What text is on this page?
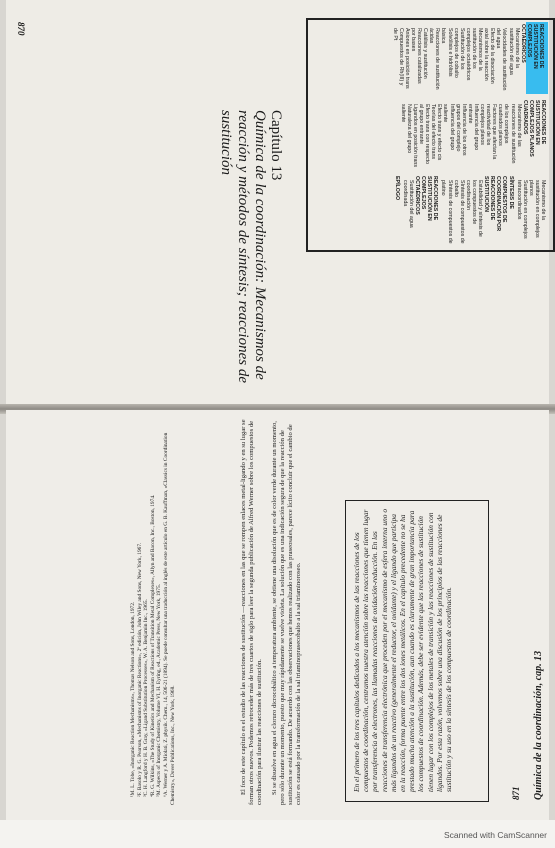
870
Capítulo 13
Química de la coordinación: Mecanismos de reacción y métodos de síntesis; reacciones de sustitución
REACCIONES DE SUSTITUCIÓN EN COMPLEJOS OCTAÉDRICOS
Mecanismo de la sustitución del agua
Velocidades de sustitución del agua
Efecto de la disociación axial sobre la reacción
Mecanismos de la sustitución de los complejos octaédricos
Sustitución de los complejos de cobalto
Solvólisis e hidrólisis básica
Reacciones de sustitución ácidas
Catálisis y sustitución
Reacciones catalizadas por bases
Aniones en posición trans
Compuestos de Rh(III) y de Pt
REACCIONES DE SUSTITUCIÓN EN COMPLEJOS PLANOS CUADRADOS
Mecanismo de las reacciones de sustitución de los complejos cuadrados planos
Factores que afectan la reactividad de los complejos planos
Influencia del grupo entrante
Influencia de los otros grupos del complejo
Influencia del grupo saliente
Efecto trans y efecto cis
Teorías del efecto trans
Efecto trans con respecto al grupo entrante
Ligandos en posición trans
Naturaleza del grupo saliente
Mecanismo de la sustitución en complejos planos
Sustitución en complejos tetracoordinados
SÍNTESIS DE COMPUESTOS DE COORDINACIÓN POR REACCIONES DE SUSTITUCIÓN
Estabilidad y síntesis de los compuestos de coordinación
Síntesis de compuestos de cobalto
Síntesis de compuestos de platino
REACCIONES DE SUSTITUCIÓN EN COMPLEJOS OCTAÉDRICOS
Sustitución del agua coordinada
EPÍLOGO
871 Química de la coordinación, cap. 13
En el primero de los tres capítulos dedicados a los mecanismos de las reacciones de los compuestos de coordinación, centramos nuestra atención sobre las reacciones que tienen lugar por transferencia de electrones, las llamadas reacciones de oxidación-reducción. En las reacciones de transferencia electrónica que proceden por el mecanismo de esfera interna uno o más ligandos de un reactivo (generalmente el reductor, el oxidante) y el ligando que participa en la reacción, forma puente entre los dos iones metálicos. En el capítulo precedente no se ha prestado mucha atención a la sustitución, aun cuando es claramente de gran importancia para los compuestos de coordinación. Además, debe ser evidente que las reacciones de sustitución tienen lugar con los complejos de los metales de transición y las reacciones de sustitución con ligandos. Por esta razón, volvemos sobre una discusión de los principios de las reacciones de sustitución y su uso en la síntesis de los compuestos de coordinación.

El foco de este capítulo es el estudio de las reacciones de sustitución —reacciones en las que se rompen enlaces metal-ligando y en su lugar se forman otros nuevos. Podemos retroceder más de tres cuartos de siglo para leer la segunda publicación de Alfred Werner sobre los compuestos de coordinación para ilustrar las reacciones de sustitución. Si se disuelve en agua el cloruro dicrocobáltico a temperatura ambiente, se obtiene una disolución que es de color verde durante un momento, pero sólo durante un momento, puesto que muy rápidamente se vuelve violeta. La solución que es una indicación segura de que la reacción de sustitución se está formando. De acuerdo con las observaciones que hemos realizado con las praseosales, parece lícito concluir que el cambio de color es causado por la transformación de la sal triaminoprasecobalto a la sal triaminoroseo.

¹M. L. Tobe, «Inorganic Reaction Mechanisms», Thomas Nelson and Sons, London, 1972. ²F. Basolo y R. G. Pearson, «Mechanisms of Inorganic Reactions», 2ª edición, John Wiley and Sons, New York, 1967. ³C. H. Langford y H. B. Gray, «Ligand Substitution Processes», W. A. Benjamin Inc., 1965. ⁴R. G. Wilkins, «The Study of Kinetics and Mechanism of Reactions of Transition Metal Complexes», Allyn and Bacon, Inc., Boston, 1974. ⁵M. Aspects of Inorganic Chemistry, Volume VI, H. Eyring, ed., Academic Press, New York, 1975. ⁶A. Werner y A. Miolati, Z. physik. Chem., 14, 506-21 (1894). Se puede consultar una traducción al inglés de este artículo en G. B. Kauffman, «Classics in Coordination Chemistry», Dover Publications, Inc., New York, 1968.
Scanned with CamScanner
